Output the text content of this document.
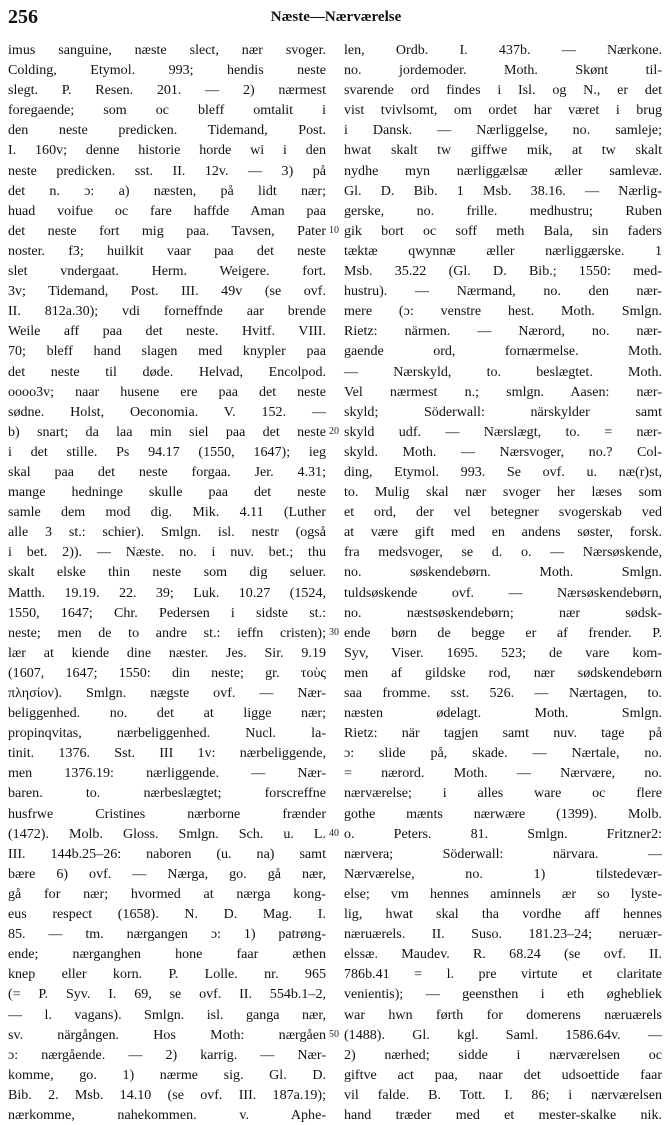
256	Næste—Nærværelse
imus sanguine, næste slect, nær svoger.
Colding, Etymol. 993; hendis neste
slegt. P. Resen. 201. — 2) nærmest
foregaende; som oc bleff omtalit i
den neste predicken. Tidemand, Post.
I. 160v; denne historie horde wi i den
neste predicken. sst. II. 12v. — 3) på
det n. ɔ: a) næsten, på lidt nær;
huad voifue oc fare haffde Aman paa
det neste fort mig paa. Tavsen, Pater
noster. f3; huilkit vaar paa det neste
slet vndergaat. Herm. Weigere. fort.
3v; Tidemand, Post. III. 49v (se ovf.
II. 812a.30); vdi forneffnde aar brende
Weile aff paa det neste. Hvitf. VIII.
70; bleff hand slagen med knypler paa
det neste til døde. Helvad, Encolpod.
oooo3v; naar husene ere paa det neste
sødne. Holst, Oeconomia. V. 152. —
b) snart; da laa min siel paa det neste
i det stille. Ps 94.17 (1550, 1647); ieg
skal paa det neste forgaa. Jer. 4.31;
mange hedninge skulle paa det neste
samle dem mod dig. Mik. 4.11 (Luther
alle 3 st.: schier). Smlgn. isl. nestr (også
i bet. 2)). — Næste. no. i nuv. bet.; thu
skalt elske thin neste som dig seluer.
Matth. 19.19. 22. 39; Luk. 10.27 (1524,
1550, 1647; Chr. Pedersen i sidste st.:
neste; men de to andre st.: ieffn cristen);
lær at kiende dine næster. Jes. Sir. 9.19
(1607, 1647; 1550: din neste; gr. τοὺς
πλησίον). Smlgn. nægste ovf. — Nær-
beliggenhed. no. det at ligge nær;
propinqvitas, nærbeliggenhed. Nucl. la-
tinit. 1376. Sst. III 1v: nærbeliggende,
men 1376.19: nærliggende. — Nær-
baren. to. nærbeslægtet; forscreffne
husfrwe Cristines nærborne frænder
(1472). Molb. Gloss. Smlgn. Sch. u. L.
III. 144b.25–26: naboren (u. na) samt
bære 6) ovf. — Nærga, go. gå nær,
gå for nær; hvormed at nærga kong-
eus respect (1658). N. D. Mag. I.
85. — tm. nærgangen ɔ: 1) patrøng-
ende; nærganghen hone faar æthen
knep eller korn. P. Lolle. nr. 965
(= P. Syv. I. 69, se ovf. II. 554b.1–2,
— l. vagans). Smlgn. isl. ganga nær,
sv. närgången. Hos Moth: nærgåen
ɔ: nærgående. — 2) karrig. — Nær-
komme, go. 1) nærme sig. Gl. D.
Bib. 2. Msb. 14.10 (se ovf. III. 187a.19);
nærkomme, nahekommen. v. Aphe-
10
20
30
40
50
len, Ordb. I. 437b. — Nærkone.
no. jordemoder. Moth. Skønt til-
svarende ord findes i Isl. og N., er det
vist tvivlsomt, om ordet har været i brug
i Dansk. — Nærliggelse, no. samleje;
hwat skalt tw giffwe mik, at tw skalt
nydhe myn nærliggælsæ æller samlevæ.
Gl. D. Bib. 1 Msb. 38.16. — Nærlig-
gerske, no. frille. medhustru; Ruben
gik bort oc soff meth Bala, sin faders
tæktæ qwynnæ æller nærliggærske. 1
Msb. 35.22 (Gl. D. Bib.; 1550: med-
hustru). — Nærmand, no. den nær-
mere (ɔ: venstre hest. Moth. Smlgn.
Rietz: närmen. — Nærord, no. nær-
gaende ord, fornærmelse. Moth.
— Nærskyld, to. beslægtet. Moth.
Vel nærmest n.; smlgn. Aasen: nær-
skyld; Söderwall: närskylder samt
skyld udf. — Nærslægt, to. = nær-
skyld. Moth. — Nærsvoger, no.? Col-
ding, Etymol. 993. Se ovf. u. næ(r)st,
to. Mulig skal nær svoger her læses som
et ord, der vel betegner svogerskab ved
at være gift med en andens søster, forsk.
fra medsvoger, se d. o. — Nærsøskende,
no. søskendebørn. Moth. Smlgn.
tuldsøskende ovf. — Nærsøskendebørn,
no. næstsøskendebørn; nær sødsk-
ende børn de begge er af frender. P.
Syv, Viser. 1695. 523; de vare kom-
men af gildske rod, nær sødskendebørn
saa fromme. sst. 526. — Nærtagen, to.
næsten ødelagt. Moth. Smlgn.
Rietz: när tagjen samt nuv. tage på
ɔ: slide på, skade. — Nærtale, no.
= nærord. Moth. — Nærvære, no.
nærværelse; i alles ware oc flere
gothe mænts nærwære (1399). Molb.
o. Peters. 81. Smlgn. Fritzner2:
nærvera; Söderwall: närvara. —
Nærværelse, no. 1) tilstedevær-
else; vm hennes aminnels ær so lyste-
lig, hwat skal tha vordhe aff hennes
næruærels. II. Suso. 181.23–24; neruær-
elssæ. Maudev. R. 68.24 (se ovf. II.
786b.41 = l. pre virtute et claritate
venientis); — geensthen i eth øghebliek
war hwn førth for domerens næruærels
(1488). Gl. kgl. Saml. 1586.64v. —
2) nærhed; sidde i nærværelsen oc
giftve act paa, naar det udsoettide faar
vil falde. B. Tott. I. 86; i nærværelsen
hand træder med et mester-skalke nik.
